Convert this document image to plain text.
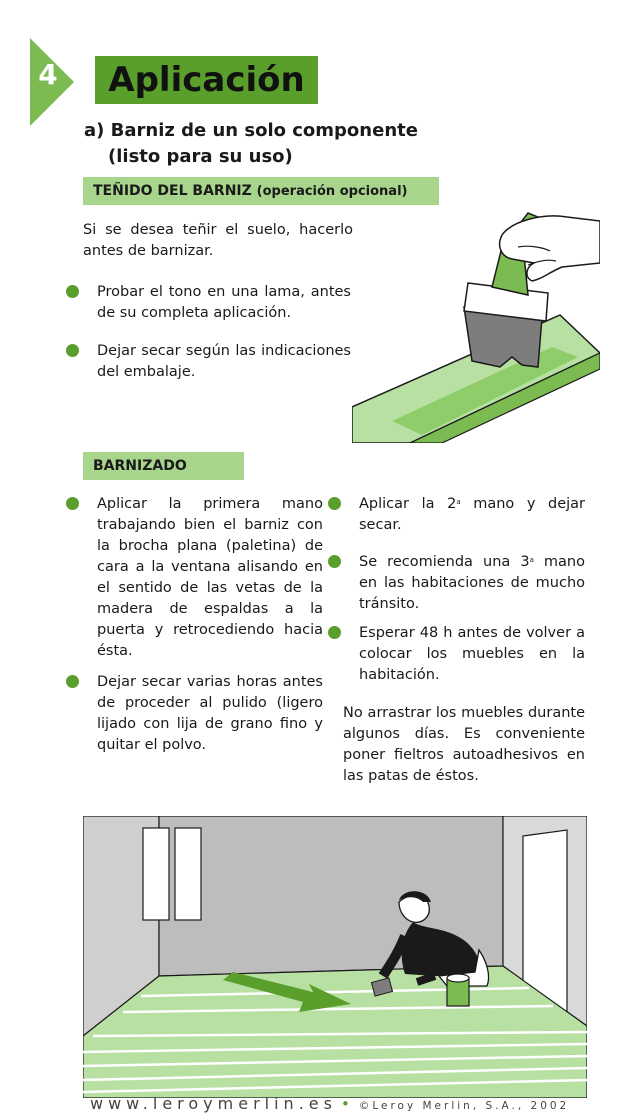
4	Aplicación
a) Barniz de un solo componente
(listo para su uso)
TEÑIDO DEL BARNIZ (operación opcional)
Si se desea teñir el suelo, hacerlo antes de barnizar.
Probar el tono en una lama, antes de su completa aplicación.
Dejar secar según las indicaciones del embalaje.
BARNIZADO
Aplicar la primera mano trabajando bien el barniz con la brocha plana (paletina) de cara a la ventana alisando en el sentido de las vetas de la madera de espaldas a la puerta y retrocediendo hacia ésta.
Dejar secar varias horas antes de proceder al pulido (ligero lijado con lija de grano fino y quitar el polvo.
Aplicar la 2$^a$ mano y dejar secar.
Se recomienda una 3$^a$ mano en las habitaciones de mucho tránsito.
Esperar 48 h antes de volver a colocar los muebles en la habitación.
No arrastrar los muebles durante algunos días. Es conveniente poner fieltros autoadhesivos en las patas de éstos.
www.leroymerlin.es • ©Leroy Merlin, S.A., 2002
